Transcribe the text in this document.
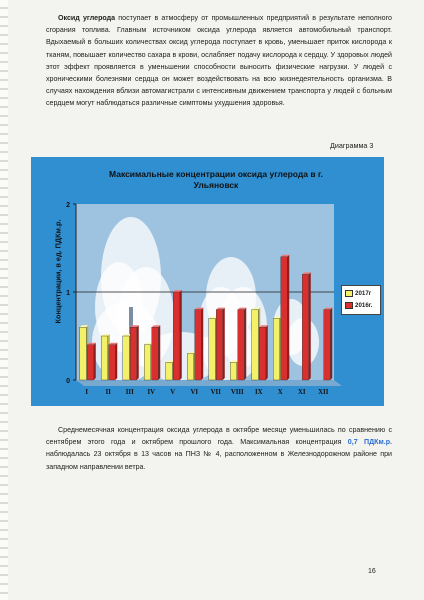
Оксид углерода поступает в атмосферу от промышленных предприятий в результате неполного сгорания топлива. Главным источником оксида углерода является автомобильный транспорт. Вдыхаемый в больших количествах оксид углерода поступает в кровь, уменьшает приток кислорода к тканям, повышает количество сахара в крови, ослабляет подачу кислорода к сердцу. У здоровых людей этот эффект проявляется в уменьшении способности выносить физические нагрузки. У людей с хроническими болезнями сердца он может воздействовать на всю жизнедеятельность организма. В случаях нахождения вблизи автомагистрали с интенсивным движением транспорта у людей с больным сердцем могут наблюдаться различные симптомы ухудшения здоровья.
Диаграмма 3
0
1
2
I	II III IV V VI VII VIII IX X XI XII
Максимальные концентрации оксида углерода в г. Ульяновск
Концентрации, в ед. ПДКм.р.	2017г
2016г.
Среднемесячная концентрация оксида углерода в октябре месяце уменьшилась по сравнению с сентябрем этого года и октябрем прошлого года. Максимальная концентрация 0,7 ПДКм.р. наблюдалась 23 октября в 13 часов на ПНЗ № 4, расположенном в Железнодорожном районе при западном направлении ветра.
16
